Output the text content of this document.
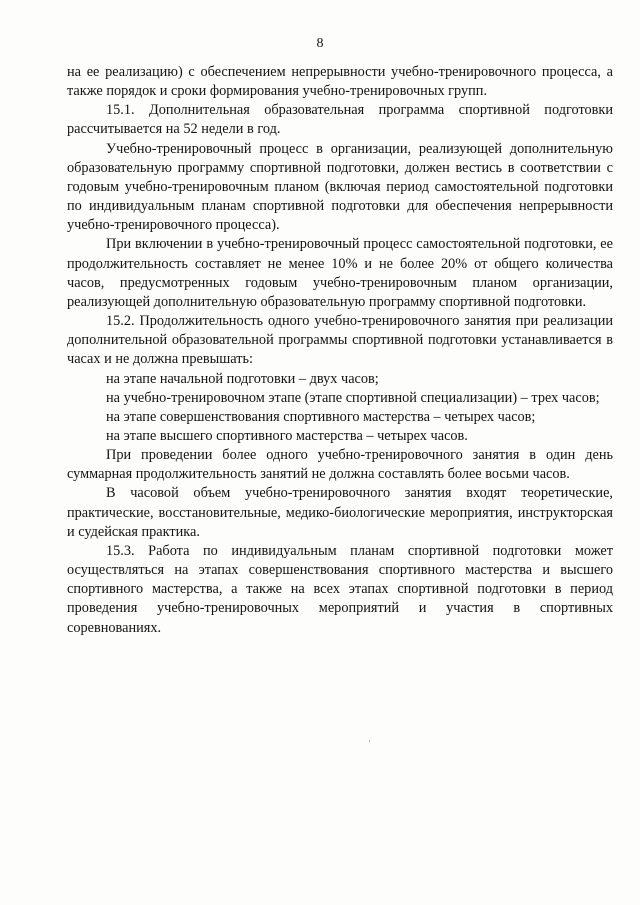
8

на ее реализацию) с обеспечением непрерывности учебно-тренировочного процесса, а также порядок и сроки формирования учебно-тренировочных групп.

15.1. Дополнительная образовательная программа спортивной подготовки рассчитывается на 52 недели в год.

Учебно-тренировочный процесс в организации, реализующей дополнительную образовательную программу спортивной подготовки, должен вестись в соответствии с годовым учебно-тренировочным планом (включая период самостоятельной подготовки по индивидуальным планам спортивной подготовки для обеспечения непрерывности учебно-тренировочного процесса).

При включении в учебно-тренировочный процесс самостоятельной подготовки, ее продолжительность составляет не менее 10% и не более 20% от общего количества часов, предусмотренных годовым учебно-тренировочным планом организации, реализующей дополнительную образовательную программу спортивной подготовки.

15.2. Продолжительность одного учебно-тренировочного занятия при реализации дополнительной образовательной программы спортивной подготовки устанавливается в часах и не должна превышать:

на этапе начальной подготовки – двух часов;

на учебно-тренировочном этапе (этапе спортивной специализации) – трех часов;

на этапе совершенствования спортивного мастерства – четырех часов;

на этапе высшего спортивного мастерства – четырех часов.

При проведении более одного учебно-тренировочного занятия в один день суммарная продолжительность занятий не должна составлять более восьми часов.

В часовой объем учебно-тренировочного занятия входят теоретические, практические, восстановительные, медико-биологические мероприятия, инструкторская и судейская практика.

15.3. Работа по индивидуальным планам спортивной подготовки может осуществляться на этапах совершенствования спортивного мастерства и высшего спортивного мастерства, а также на всех этапах спортивной подготовки в период проведения учебно-тренировочных мероприятий и участия в спортивных соревнованиях.
